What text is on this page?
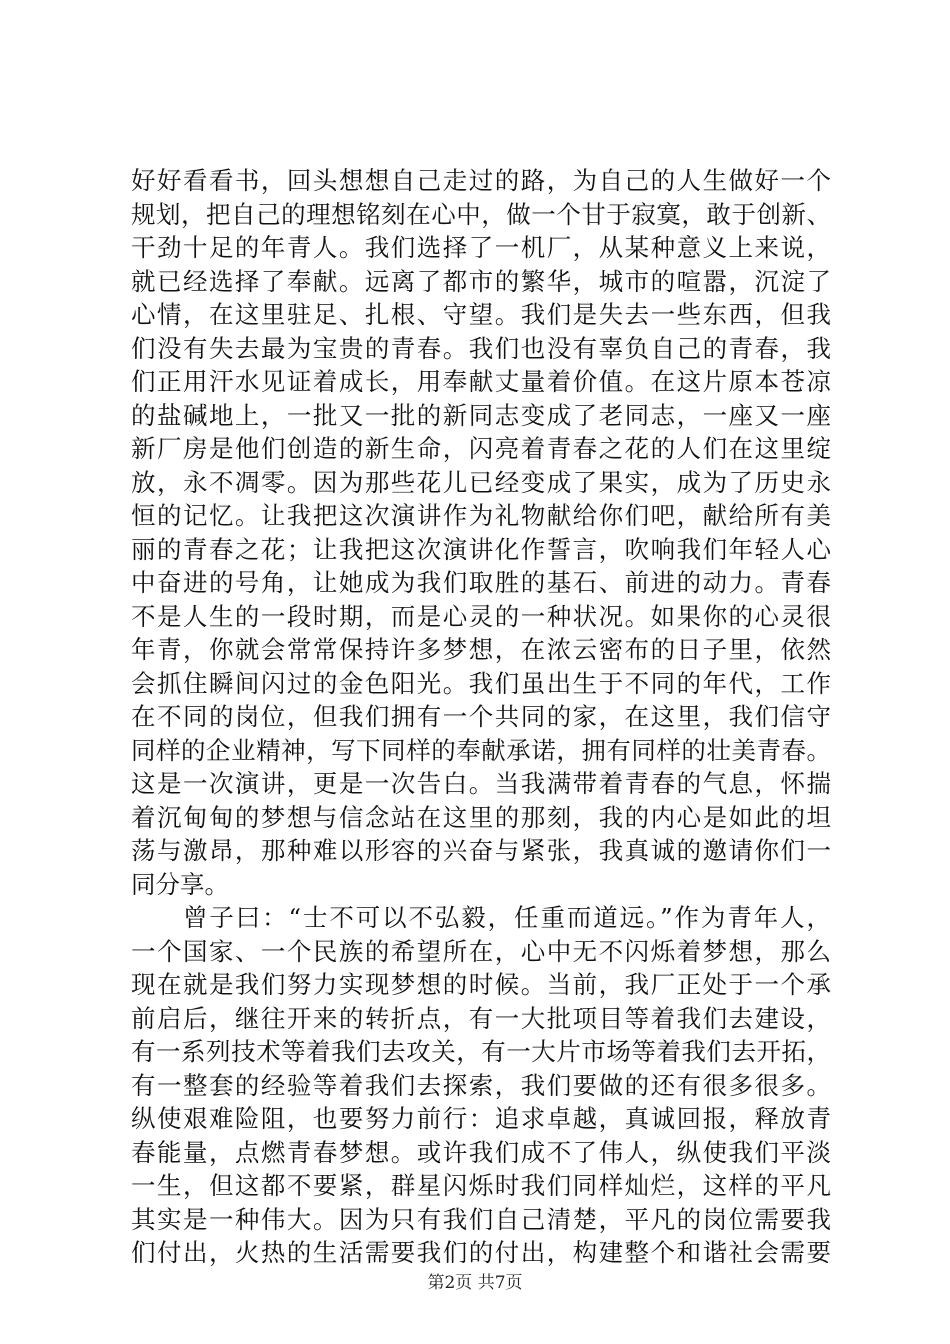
好好看看书，回头想想自己走过的路，为自己的人生做好一个
规划，把自己的理想铭刻在心中，做一个甘于寂寞，敢于创新、
干劲十足的年青人。我们选择了一机厂，从某种意义上来说，
就已经选择了奉献。远离了都市的繁华，城市的喧嚣，沉淀了
心情，在这里驻足、扎根、守望。我们是失去一些东西，但我
们没有失去最为宝贵的青春。我们也没有辜负自己的青春，我
们正用汗水见证着成长，用奉献丈量着价值。在这片原本苍凉
的盐碱地上，一批又一批的新同志变成了老同志，一座又一座
新厂房是他们创造的新生命，闪亮着青春之花的人们在这里绽
放，永不凋零。因为那些花儿已经变成了果实，成为了历史永
恒的记忆。让我把这次演讲作为礼物献给你们吧，献给所有美
丽的青春之花；让我把这次演讲化作誓言，吹响我们年轻人心
中奋进的号角，让她成为我们取胜的基石、前进的动力。青春
不是人生的一段时期，而是心灵的一种状况。如果你的心灵很
年青，你就会常常保持许多梦想，在浓云密布的日子里，依然
会抓住瞬间闪过的金色阳光。我们虽出生于不同的年代，工作
在不同的岗位，但我们拥有一个共同的家，在这里，我们信守
同样的企业精神，写下同样的奉献承诺，拥有同样的壮美青春。
这是一次演讲，更是一次告白。当我满带着青春的气息，怀揣
着沉甸甸的梦想与信念站在这里的那刻，我的内心是如此的坦
荡与激昂，那种难以形容的兴奋与紧张，我真诚的邀请你们一
同分享。
曾子曰：“士不可以不弘毅，任重而道远。”作为青年人，
一个国家、一个民族的希望所在，心中无不闪烁着梦想，那么
现在就是我们努力实现梦想的时候。当前，我厂正处于一个承
前启后，继往开来的转折点，有一大批项目等着我们去建设，
有一系列技术等着我们去攻关，有一大片市场等着我们去开拓，
有一整套的经验等着我们去探索，我们要做的还有很多很多。
纵使艰难险阻，也要努力前行：追求卓越，真诚回报，释放青
春能量，点燃青春梦想。或许我们成不了伟人，纵使我们平淡
一生，但这都不要紧，群星闪烁时我们同样灿烂，这样的平凡
其实是一种伟大。因为只有我们自己清楚，平凡的岗位需要我
们付出，火热的生活需要我们的付出，构建整个和谐社会需要
第2页 共7页
